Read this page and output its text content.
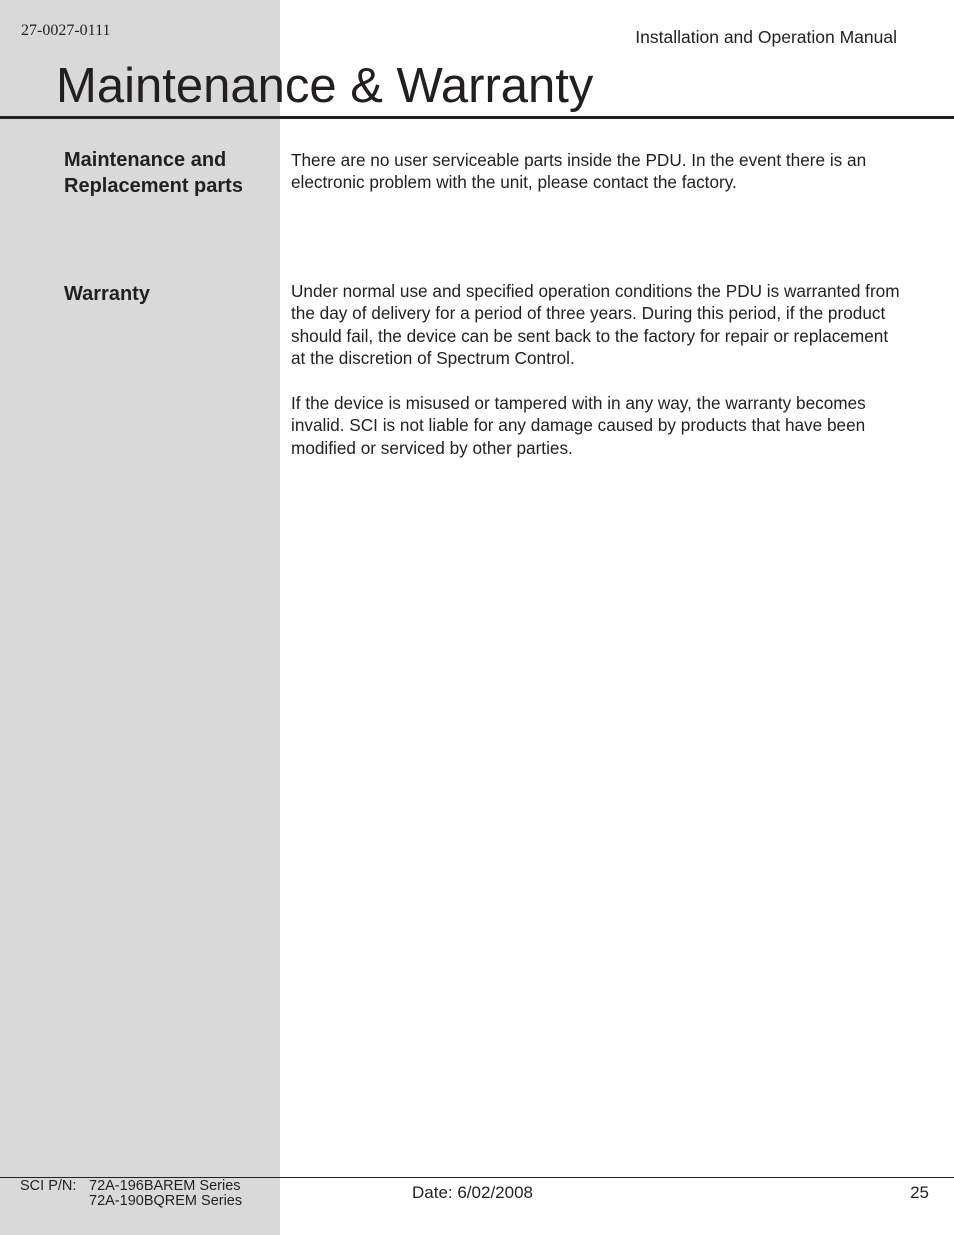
27-0027-0111	Installation and Operation Manual
Maintenance & Warranty
Maintenance and Replacement parts

There are no user serviceable parts inside the PDU. In the event there is an electronic problem with the unit, please contact the factory.

Warranty	Under normal use and specified operation conditions the PDU is warranted from the day of delivery for a period of three years. During this period, if the product should fail, the device can be sent back to the factory for repair or replacement at the discretion of Spectrum Control.

If the device is misused or tampered with in any way, the warranty becomes invalid. SCI is not liable for any damage caused by products that have been modified or serviced by other parties.

SCI P/N: 72A-196BAREM Series
72A-190BQREM Series	Date: 6/02/2008	25
